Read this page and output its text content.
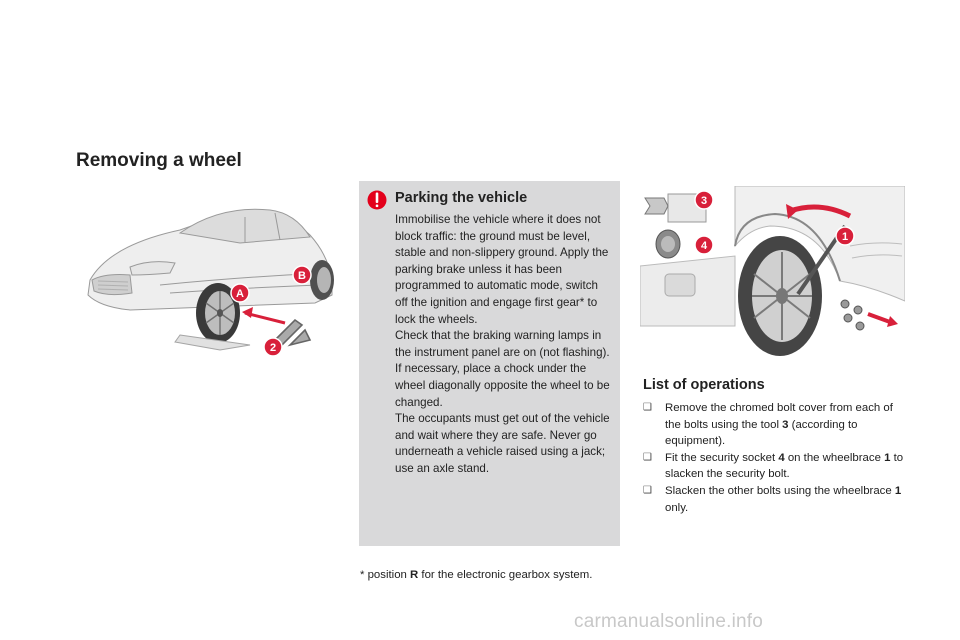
Removing a wheel
A
B
2
Parking the vehicle
Immobilise the vehicle where it does not block traffic: the ground must be level, stable and non-slippery ground. Apply the parking brake unless it has been programmed to automatic mode, switch off the ignition and engage first gear* to lock the wheels.
Check that the braking warning lamps in the instrument panel are on (not flashing).
If necessary, place a chock under the wheel diagonally opposite the wheel to be changed.
The occupants must get out of the vehicle and wait where they are safe. Never go underneath a vehicle raised using a jack; use an axle stand.
* position R for the electronic gearbox system.
3
4
1
List of operations
❑ Remove the chromed bolt cover from each of the bolts using the tool 3 (according to equipment).
❑ Fit the security socket 4 on the wheelbrace 1 to slacken the security bolt.
❑ Slacken the other bolts using the wheelbrace 1 only.
carmanualsonline.info
